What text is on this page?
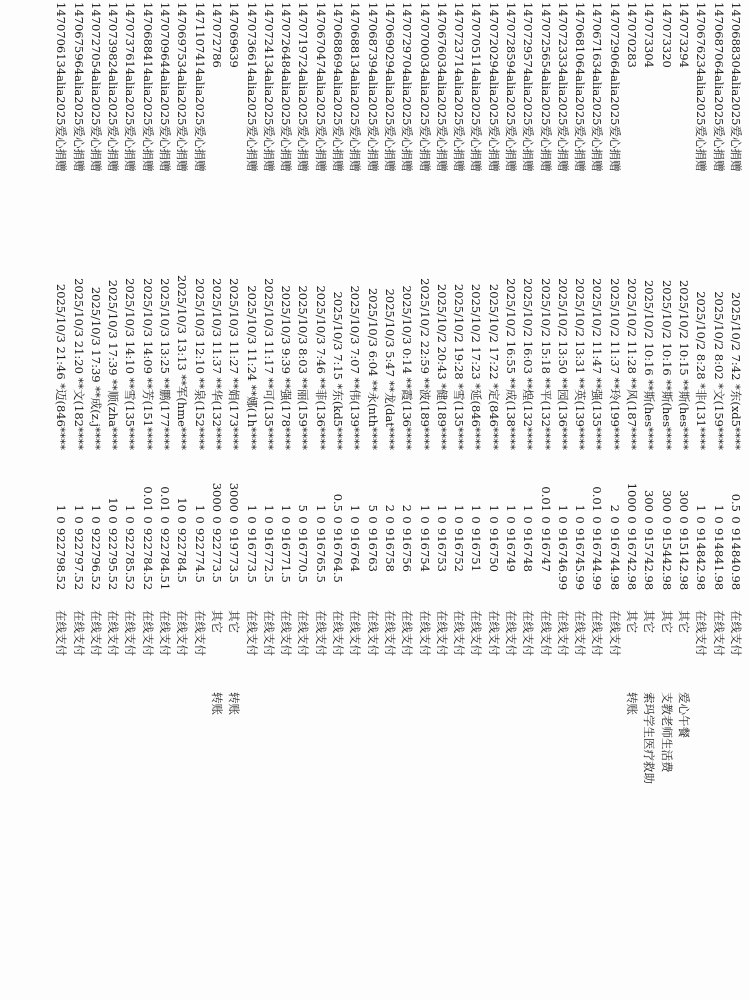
1470688304alia2025爱心捐赠	2025/10/2 7:42 *东(xd5****	0.5	0	914840.98	在线支付	
1470687064alia2025爱心捐赠	2025/10/2 8:02 *文(159****	1	0	914841.98	在线支付	
1470676234alia2025爱心捐赠	2025/10/2 8:28 *非(131****	1	0	914842.98	在线支付	
147073294	2025/10/2 10:15 **斯(hes****	300	0	915142.98	其它	爱心午餐
147073320	2025/10/2 10:16 **斯(hes****	300	0	915442.98	其它	支教老师生活费
147073304	2025/10/2 10:16 **斯(hes****	300	0	915742.98	其它	索玛学生医疗救助
147070283	2025/10/2 11:28 **风(187****	1000	0	916742.98	其它	转账
1470729064alia2025爱心捐赠	2025/10/2 11:37 **玲(199****	2	0	916744.98	在线支付	
1470671634alia2025爱心捐赠	2025/10/2 11:47 **强(135****	0.01	0	916744.99	在线支付	
1470681064alia2025爱心捐赠	2025/10/2 13:31 **英(139****	1	0	916745.99	在线支付	
1470723334alia2025爱心捐赠	2025/10/2 13:50 **园(136****	1	0	916746.99	在线支付	
1470725654alia2025爱心捐赠	2025/10/2 15:18 **平(132****	0.01	0	916747	在线支付	
1470729574alia2025爱心捐赠	2025/10/2 16:03 **煌(132****	1	0	916748	在线支付	
1470728594alia2025爱心捐赠	2025/10/2 16:55 **成(138****	1	0	916749	在线支付	
1470720294alia2025爱心捐赠	2025/10/2 17:22 *定(846****	1	0	916750	在线支付	
1470705114alia2025爱心捐赠	2025/10/2 17:23 *延(846****	1	0	916751	在线支付	
1470723714alia2025爱心捐赠	2025/10/2 19:28 *雪(135****	1	0	916752	在线支付	
1470676034alia2025爱心捐赠	2025/10/2 20:43 *健(189****	1	0	916753	在线支付	
1470700034alia2025爱心捐赠	2025/10/2 22:59 **波(189****	1	0	916754	在线支付	
1470729704alia2025爱心捐赠	2025/10/3 0:14 **霞(136****	2	0	916756	在线支付	
1470690294alia2025爱心捐赠	2025/10/3 5:47 **龙(dat****	2	0	916758	在线支付	
1470687394alia2025爱心捐赠	2025/10/3 6:04 **永(nth****	5	0	916763	在线支付	
1470688134alia2025爱心捐赠	2025/10/3 7:07 **伟(139****	1	0	916764	在线支付	
1470688694alia2025爱心捐赠	2025/10/3 7:15 *东(kd5****	0.5	0	916764.5	在线支付	
1470670474alia2025爱心捐赠	2025/10/3 7:46 **菲(136****	1	0	916765.5	在线支付	
1470719724alia2025爱心捐赠	2025/10/3 8:03 **丽(159****	5	0	916770.5	在线支付	
1470726484alia2025爱心捐赠	2025/10/3 9:39 **强(178****	1	0	916771.5	在线支付	
1470724134alia2025爱心捐赠	2025/10/3 11:17 **可(135****	1	0	916772.5	在线支付	
1470736614alia2025爱心捐赠	2025/10/3 11:24 **娜(1h****	1	0	916773.5	在线支付	
147069639	2025/10/3 11:27 **娟(173****	3000	0	919773.5	其它	转账
147072786	2025/10/3 11:37 **华(132****	3000	0	922773.5	其它	转账
1471107414alia2025爱心捐赠	2025/10/3 12:10 **泉(152****	1	0	922774.5	在线支付	
1470697534alia2025爱心捐赠	2025/10/3 13:13 **军(hme****	10	0	922784.5	在线支付	
1470709644alia2025爱心捐赠	2025/10/3 13:25 **鹏(177****	0.01	0	922784.51	在线支付	
1470688414alia2025爱心捐赠	2025/10/3 14:09 **芳(151****	0.01	0	922784.52	在线支付	
1470737614alia2025爱心捐赠	2025/10/3 14:10 **雪(135****	1	0	922785.52	在线支付	
1470739824alia2025爱心捐赠	2025/10/3 17:39 **顺(zha****	10	0	922795.52	在线支付	
1470727054alia2025爱心捐赠	2025/10/3 17:39 **成(z.j****	1	0	922796.52	在线支付	
1470675964alia2025爱心捐赠	2025/10/3 21:20 **文(182****	1	0	922797.52	在线支付	
1470706134alia2025爱心捐赠	2025/10/3 21:46 *迈(846****	1	0	922798.52	在线支付	
